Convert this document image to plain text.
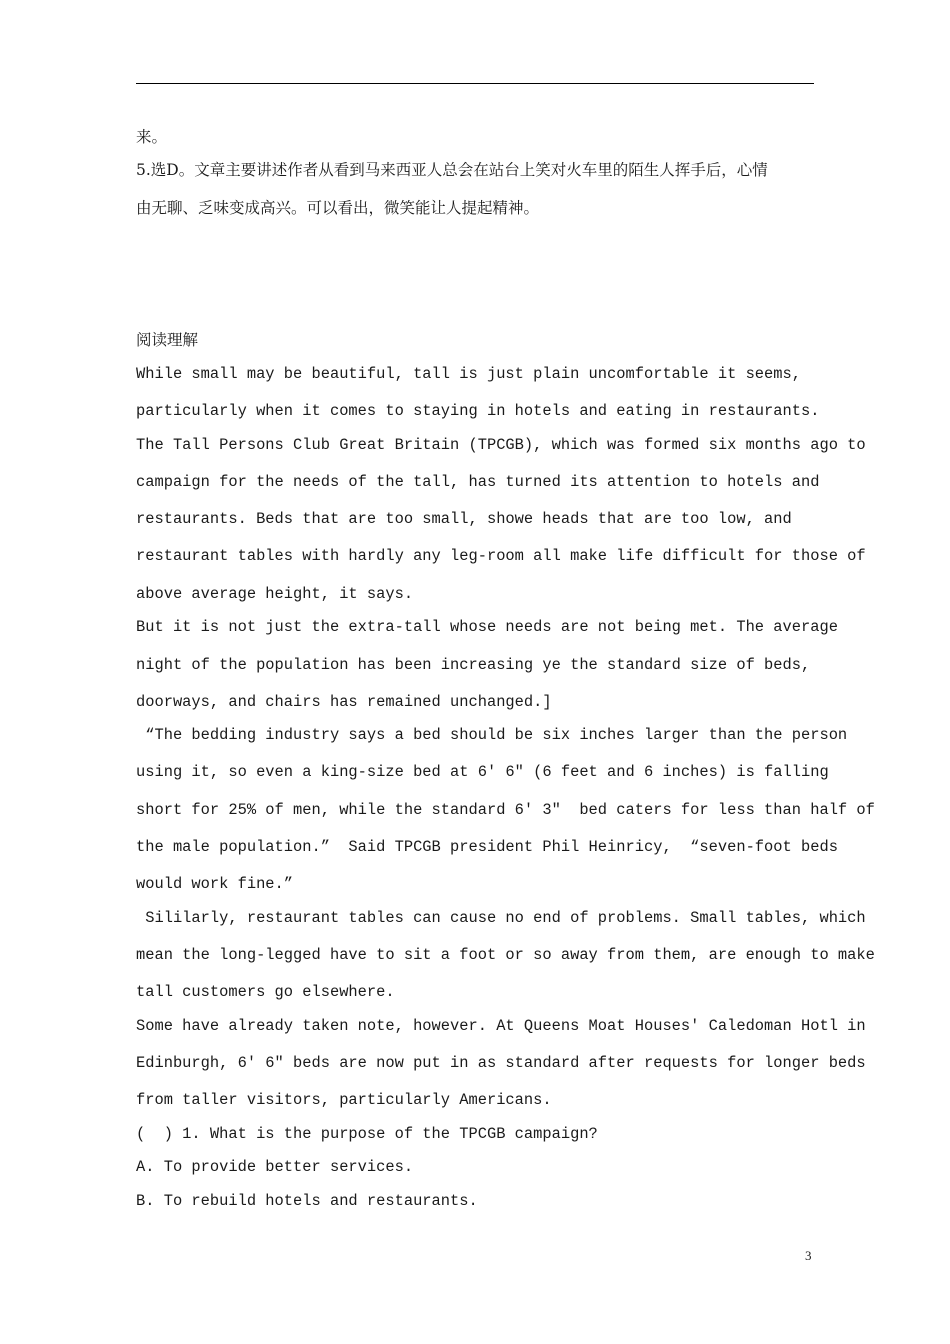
来。
5.选D。文章主要讲述作者从看到马来西亚人总会在站台上笑对火车里的陌生人挥手后，心情
由无聊、乏味变成高兴。可以看出，微笑能让人提起精神。
阅读理解
While small may be beautiful, tall is just plain uncomfortable it seems,
particularly when it comes to staying in hotels and eating in restaurants.
The Tall Persons Club Great Britain (TPCGB), which was formed six months ago to
campaign for the needs of the tall, has turned its attention to hotels and
restaurants. Beds that are too small, showe heads that are too low, and
restaurant tables with hardly any leg-room all make life difficult for those of
above average height, it says.
But it is not just the extra-tall whose needs are not being met. The average
night of the population has been increasing ye the standard size of beds,
doorways, and chairs has remained unchanged.]
“The bedding industry says a bed should be six inches larger than the person
using it, so even a king-size bed at 6′ 6″ (6 feet and 6 inches) is falling
short for 25% of men, while the standard 6′ 3″  bed caters for less than half of
the male population.”  Said TPCGB president Phil Heinricy,  “seven-foot beds
would work fine.”
Sililarly, restaurant tables can cause no end of problems. Small tables, which
mean the long-legged have to sit a foot or so away from them, are enough to make
tall customers go elsewhere.
Some have already taken note, however. At Queens Moat Houses′ Caledoman Hotl in
Edinburgh, 6′ 6″ beds are now put in as standard after requests for longer beds
from taller visitors, particularly Americans.
(  ) 1. What is the purpose of the TPCGB campaign?
A. To provide better services.
B. To rebuild hotels and restaurants.
3
